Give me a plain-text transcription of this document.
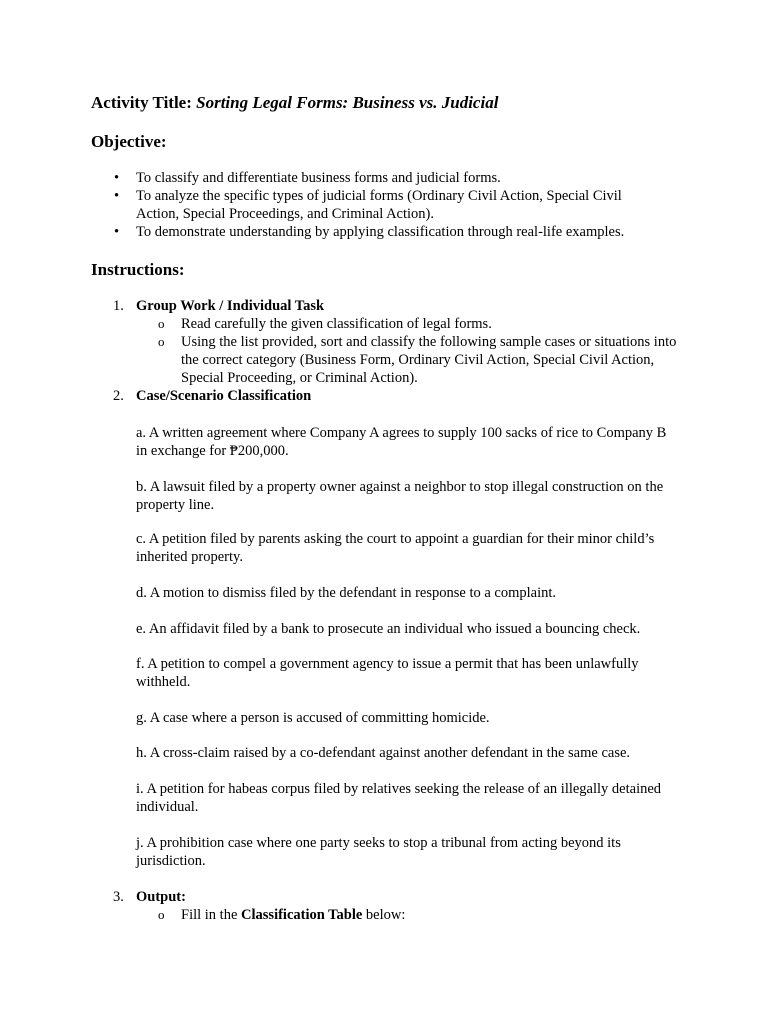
Activity Title: Sorting Legal Forms: Business vs. Judicial
Objective:
• To classify and differentiate business forms and judicial forms.
• To analyze the specific types of judicial forms (Ordinary Civil Action, Special Civil Action, Special Proceedings, and Criminal Action).
• To demonstrate understanding by applying classification through real-life examples.
Instructions:
1. Group Work / Individual Task
o Read carefully the given classification of legal forms.
o Using the list provided, sort and classify the following sample cases or situations into the correct category (Business Form, Ordinary Civil Action, Special Civil Action, Special Proceeding, or Criminal Action).
2. Case/Scenario Classification

a. A written agreement where Company A agrees to supply 100 sacks of rice to Company B in exchange for ₱200,000.

b. A lawsuit filed by a property owner against a neighbor to stop illegal construction on the property line.

c. A petition filed by parents asking the court to appoint a guardian for their minor child’s inherited property.

d. A motion to dismiss filed by the defendant in response to a complaint.

e. An affidavit filed by a bank to prosecute an individual who issued a bouncing check.

f. A petition to compel a government agency to issue a permit that has been unlawfully withheld.

g. A case where a person is accused of committing homicide.

h. A cross-claim raised by a co-defendant against another defendant in the same case.

i. A petition for habeas corpus filed by relatives seeking the release of an illegally detained individual.

j. A prohibition case where one party seeks to stop a tribunal from acting beyond its jurisdiction.

3. Output:
o Fill in the Classification Table below:
